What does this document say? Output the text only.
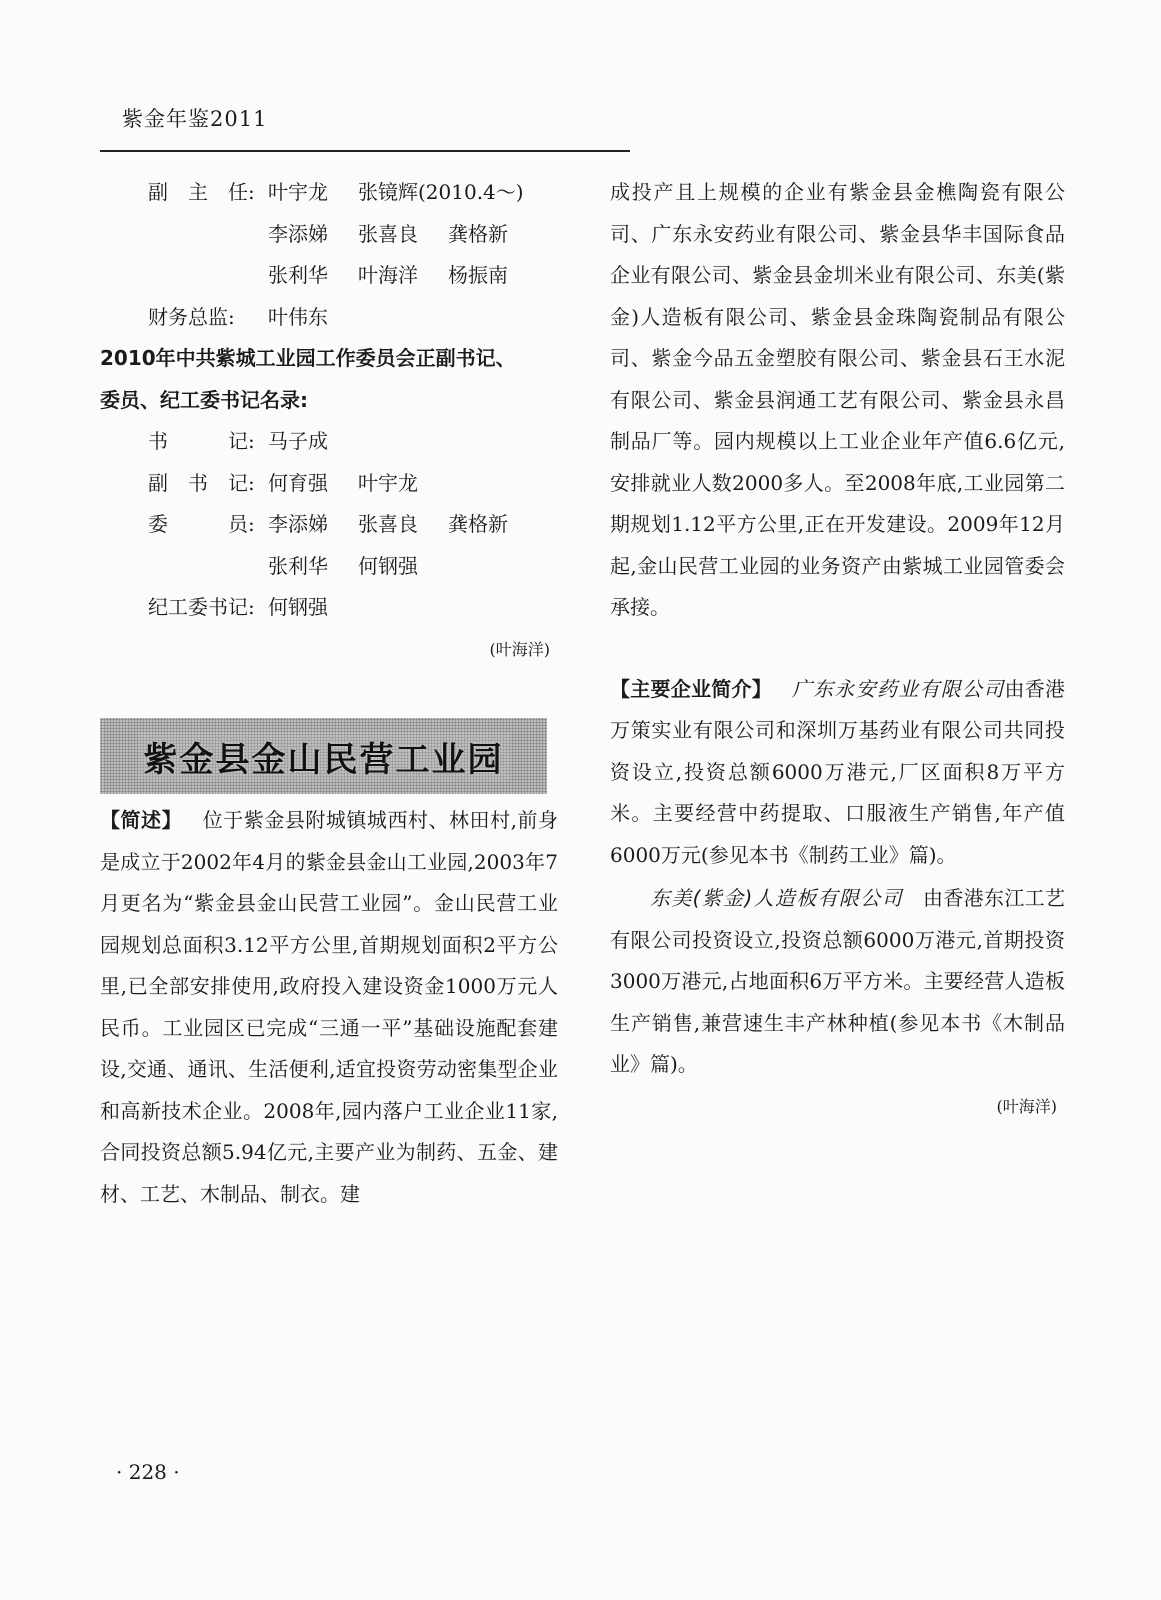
紫金年鉴2011
副　主　任: 叶宇龙 张镜辉(2010.4～)
李添娣 张喜良 龚格新
张利华 叶海洋 杨振南
财务总监: 叶伟东
2010年中共紫城工业园工作委员会正副书记、
委员、纪工委书记名录:
书　　　记: 马子成
副　书　记: 何育强 叶宇龙
委　　　员: 李添娣 张喜良 龚格新
张利华 何钢强
纪工委书记: 何钢强
(叶海洋)
紫金县金山民营工业园
【简述】 位于紫金县附城镇城西村、林田村,前身是成立于2002年4月的紫金县金山工业园,2003年7月更名为“紫金县金山民营工业园”。金山民营工业园规划总面积3.12平方公里,首期规划面积2平方公里,已全部安排使用,政府投入建设资金1000万元人民币。工业园区已完成“三通一平”基础设施配套建设,交通、通讯、生活便利,适宜投资劳动密集型企业和高新技术企业。2008年,园内落户工业企业11家,合同投资总额5.94亿元,主要产业为制药、五金、建材、工艺、木制品、制衣。建
成投产且上规模的企业有紫金县金樵陶瓷有限公司、广东永安药业有限公司、紫金县华丰国际食品企业有限公司、紫金县金圳米业有限公司、东美(紫金)人造板有限公司、紫金县金珠陶瓷制品有限公司、紫金今品五金塑胶有限公司、紫金县石王水泥有限公司、紫金县润通工艺有限公司、紫金县永昌制品厂等。园内规模以上工业企业年产值6.6亿元,安排就业人数2000多人。至2008年底,工业园第二期规划1.12平方公里,正在开发建设。2009年12月起,金山民营工业园的业务资产由紫城工业园管委会承接。
【主要企业简介】 广东永安药业有限公司由香港万策实业有限公司和深圳万基药业有限公司共同投资设立,投资总额6000万港元,厂区面积8万平方米。主要经营中药提取、口服液生产销售,年产值6000万元(参见本书《制药工业》篇)。
东美(紫金)人造板有限公司 由香港东江工艺有限公司投资设立,投资总额6000万港元,首期投资3000万港元,占地面积6万平方米。主要经营人造板生产销售,兼营速生丰产林种植(参见本书《木制品业》篇)。
(叶海洋)
· 228 ·
